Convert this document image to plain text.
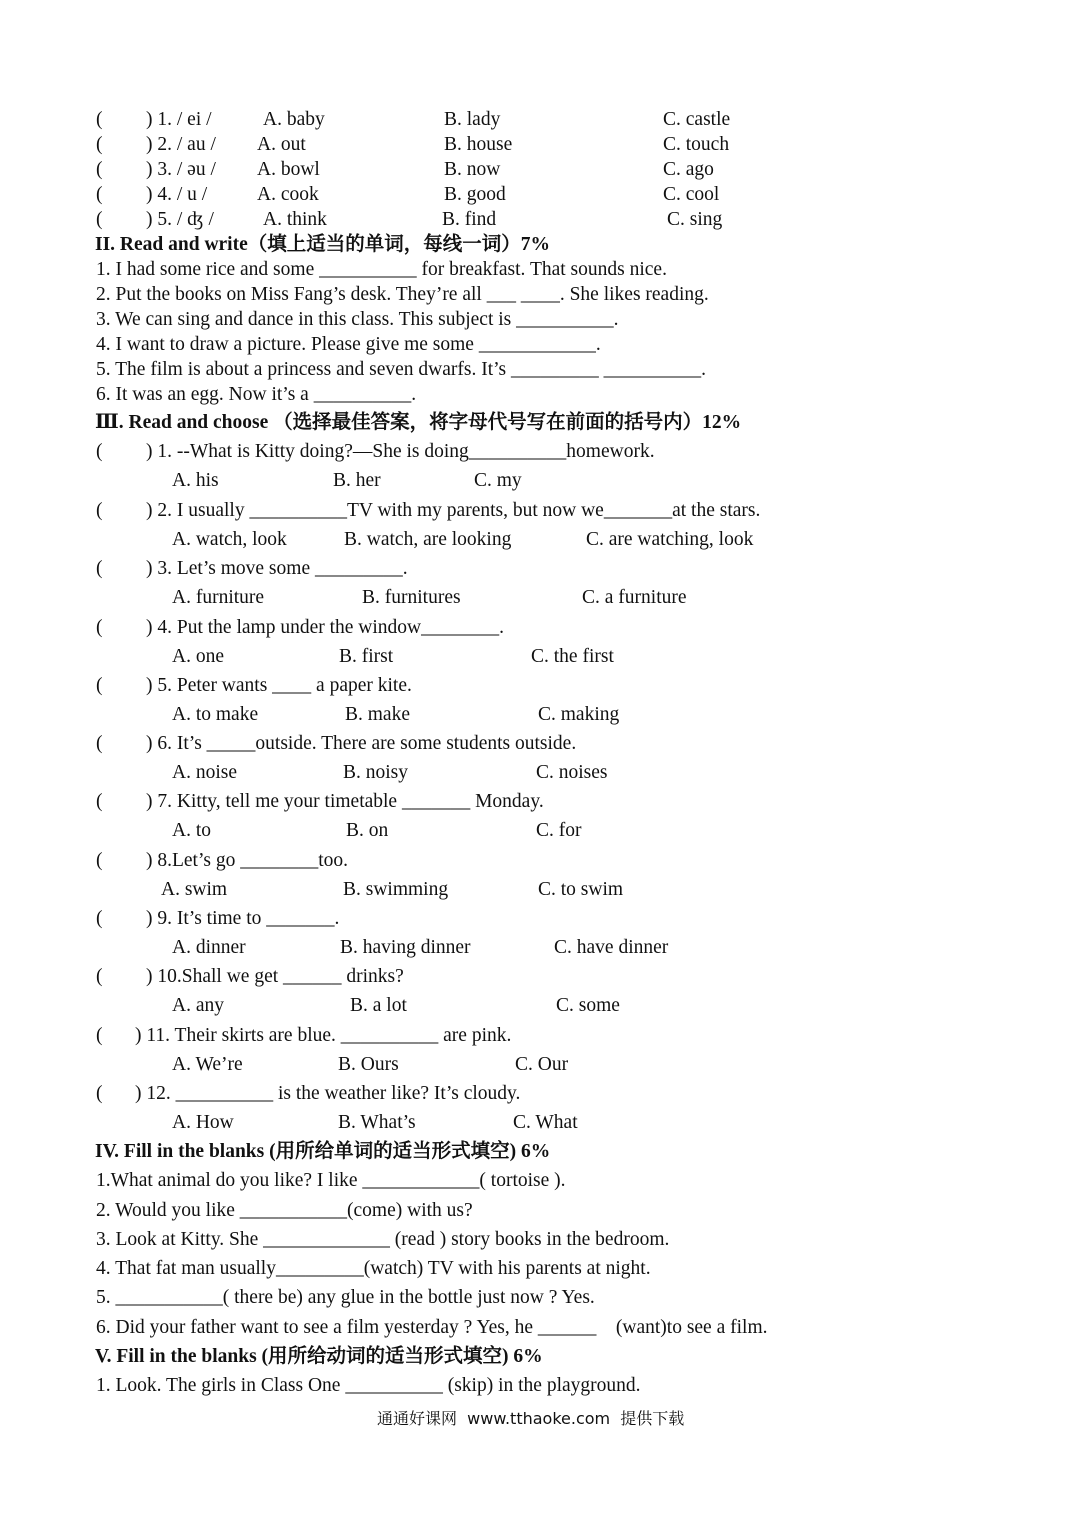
( ) 1. / ei /	A. baby	B. lady	C. castle
( ) 2. / au / A. out	B. house	C. touch
( ) 3. / əu / A. bowl	B. now	C. ago
( ) 4. / u /	A. cook	B. good	C. cool
( ) 5. / ʤ /	A. think	B. find	C. sing
II. Read and write（填上适当的单词，每线一词）7%
1. I had some rice and some __________ for breakfast. That sounds nice.
2. Put the books on Miss Fang’s desk. They’re all ___ ____. She likes reading.
3. We can sing and dance in this class. This subject is __________.
4. I want to draw a picture. Please give me some ____________.
5. The film is about a princess and seven dwarfs. It’s _________ __________.
6. It was an egg. Now it’s a __________.
Ⅲ. Read and choose （选择最佳答案，将字母代号写在前面的括号内）12%
( ) 1. --What is Kitty doing?—She is doing__________homework.
A. his	B. her	C. my
( ) 2. I usually __________TV with my parents, but now we_______at the stars.
A. watch, look	B. watch, are looking	C. are watching, look
( ) 3. Let’s move some _________.
A. furniture	B. furnitures	C. a furniture
( ) 4. Put the lamp under the window________.
A. one	B. first	C. the first
( ) 5. Peter wants ____ a paper kite.
A. to make	B. make	C. making
( ) 6. It’s _____outside. There are some students outside.
A. noise	B. noisy	C. noises
( ) 7. Kitty, tell me your timetable _______ Monday.
A. to	B. on	C. for
( ) 8.Let’s go ________too.
A. swim	B. swimming	C. to swim
( ) 9. It’s time to _______.
A. dinner	B. having dinner	C. have dinner
( ) 10.Shall we get ______ drinks?
A. any	B. a lot	C. some
( ) 11. Their skirts are blue. __________ are pink.
A. We’re	B. Ours	C. Our
( ) 12. __________ is the weather like? It’s cloudy.
A. How	B. What’s	C. What
IV. Fill in the blanks (用所给单词的适当形式填空) 6%
1.What animal do you like? I like ____________( tortoise ).
2. Would you like ___________(come) with us?
3. Look at Kitty. She _____________ (read ) story books in the bedroom.
4. That fat man usually_________(watch) TV with his parents at night.
5. ___________( there be) any glue in the bottle just now ? Yes.
6. Did your father want to see a film yesterday ? Yes, he ______    (want)to see a film.
V. Fill in the blanks (用所给动词的适当形式填空) 6%
1. Look. The girls in Class One __________ (skip) in the playground.
通通好课网  www.tthaoke.com  提供下载
